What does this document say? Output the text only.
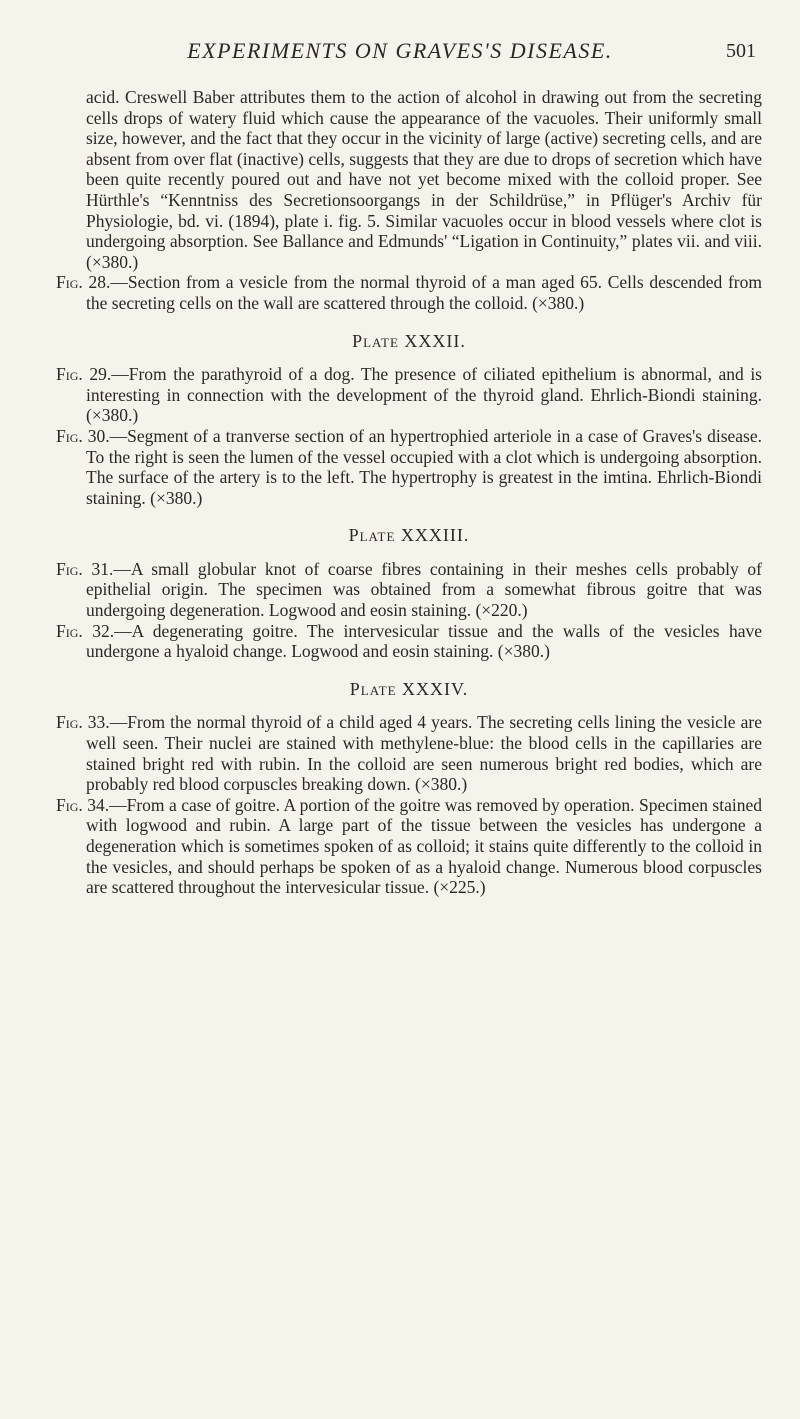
EXPERIMENTS ON GRAVES'S DISEASE.	501

acid. Creswell Baber attributes them to the action of alcohol in drawing out from the secreting cells drops of watery fluid which cause the appearance of the vacuoles. Their uniformly small size, however, and the fact that they occur in the vicinity of large (active) secreting cells, and are absent from over flat (inactive) cells, suggests that they are due to drops of secretion which have been quite recently poured out and have not yet become mixed with the colloid proper. See Hürthle's “Kenntniss des Secretionsoorgangs in der Schildrüse,” in Pflüger's Archiv für Physiologie, bd. vi. (1894), plate i. fig. 5. Similar vacuoles occur in blood vessels where clot is undergoing absorption. See Ballance and Edmunds' “Ligation in Continuity,” plates vii. and viii. (×380.)

Fig. 28.—Section from a vesicle from the normal thyroid of a man aged 65. Cells descended from the secreting cells on the wall are scattered through the colloid. (×380.)

Plate XXXII.

Fig. 29.—From the parathyroid of a dog. The presence of ciliated epithelium is abnormal, and is interesting in connection with the development of the thyroid gland. Ehrlich-Biondi staining. (×380.)

Fig. 30.—Segment of a tranverse section of an hypertrophied arteriole in a case of Graves's disease. To the right is seen the lumen of the vessel occupied with a clot which is undergoing absorption. The surface of the artery is to the left. The hypertrophy is greatest in the imtina. Ehrlich-Biondi staining. (×380.)

Plate XXXIII.

Fig. 31.—A small globular knot of coarse fibres containing in their meshes cells probably of epithelial origin. The specimen was obtained from a somewhat fibrous goitre that was undergoing degeneration. Logwood and eosin staining. (×220.)

Fig. 32.—A degenerating goitre. The intervesicular tissue and the walls of the vesicles have undergone a hyaloid change. Logwood and eosin staining. (×380.)

Plate XXXIV.

Fig. 33.—From the normal thyroid of a child aged 4 years. The secreting cells lining the vesicle are well seen. Their nuclei are stained with methylene-blue: the blood cells in the capillaries are stained bright red with rubin. In the colloid are seen numerous bright red bodies, which are probably red blood corpuscles breaking down. (×380.)

Fig. 34.—From a case of goitre. A portion of the goitre was removed by operation. Specimen stained with logwood and rubin. A large part of the tissue between the vesicles has undergone a degeneration which is sometimes spoken of as colloid; it stains quite differently to the colloid in the vesicles, and should perhaps be spoken of as a hyaloid change. Numerous blood corpuscles are scattered throughout the intervesicular tissue. (×225.)
